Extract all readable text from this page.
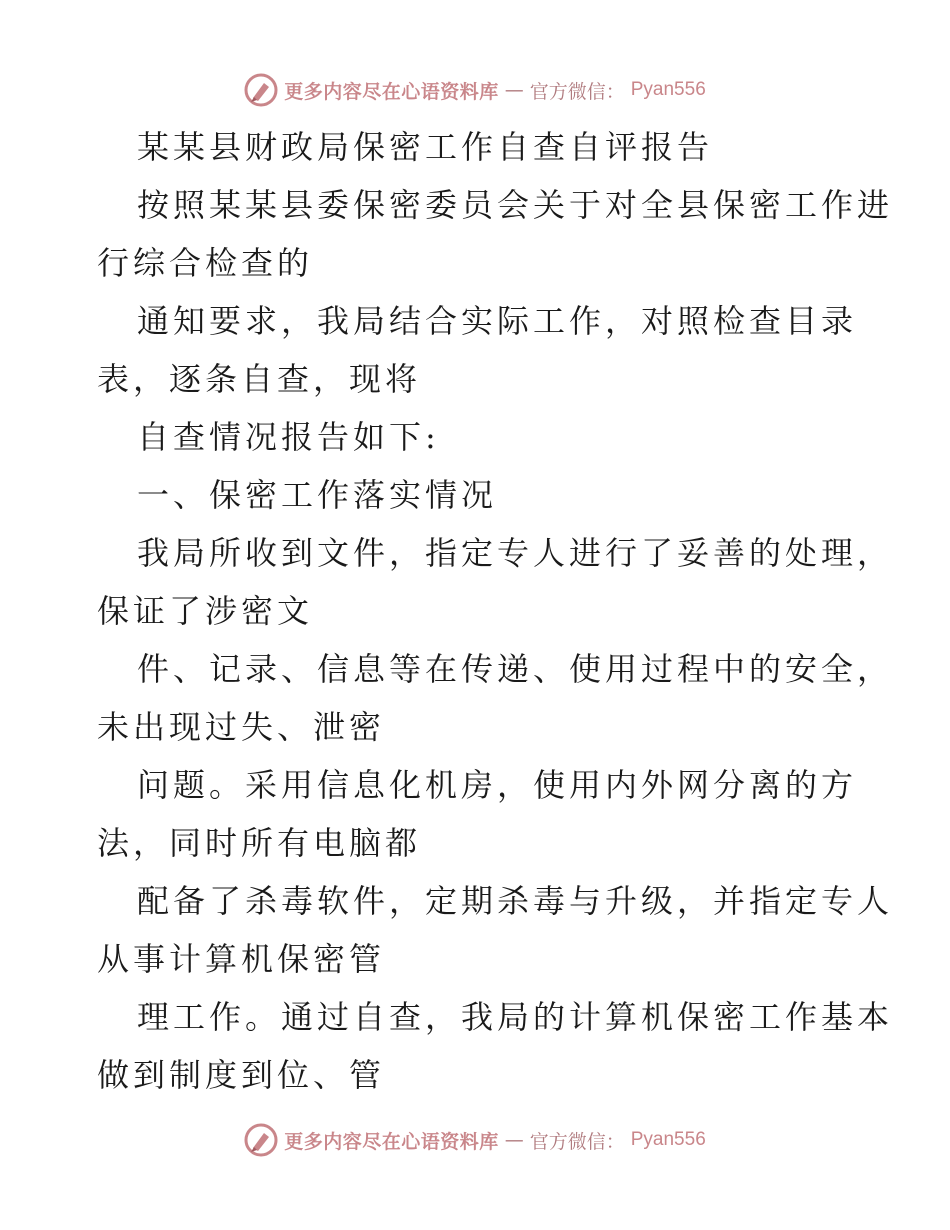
更多内容尽在心语资料库 — 官方微信： Pyan556
某某县财政局保密工作自查自评报告
按照某某县委保密委员会关于对全县保密工作进
行综合检查的
通知要求，我局结合实际工作，对照检查目录
表，逐条自查，现将
自查情况报告如下:
一、保密工作落实情况
我局所收到文件，指定专人进行了妥善的处理，
保证了涉密文
件、记录、信息等在传递、使用过程中的安全，
未出现过失、泄密
问题。采用信息化机房，使用内外网分离的方
法，同时所有电脑都
配备了杀毒软件，定期杀毒与升级，并指定专人
从事计算机保密管
理工作。通过自查，我局的计算机保密工作基本
做到制度到位、管
更多内容尽在心语资料库 — 官方微信： Pyan556
